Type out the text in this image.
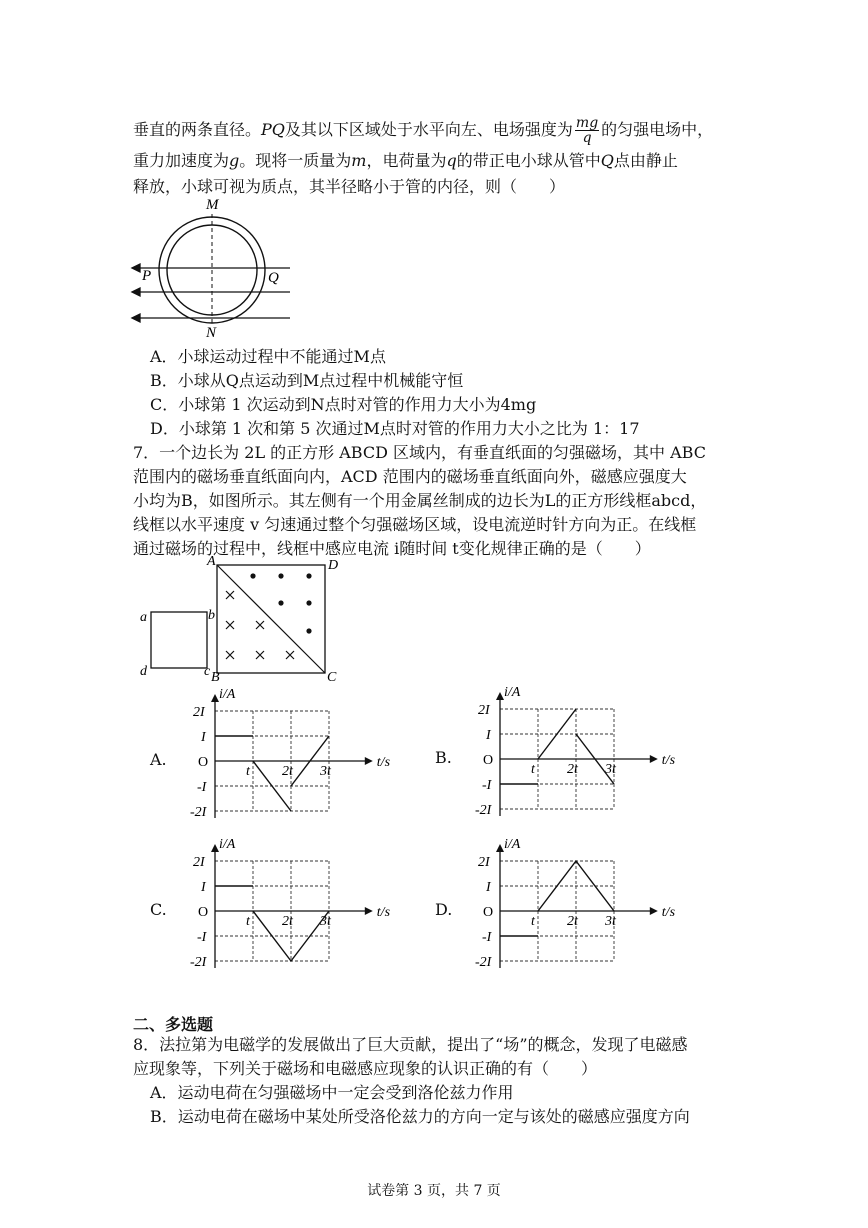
垂直的两条直径。PQ及其以下区域处于水平向左、电场强度为 $\frac{mg}{q}$ 的匀强电场中，
重力加速度为g。现将一质量为m，电荷量为q的带正电小球从管中Q点由静止
释放，小球可视为质点，其半径略小于管的内径，则（　　）
M
P	Q
N
A．小球运动过程中不能通过M点
B．小球从Q点运动到M点过程中机械能守恒
C．小球第 1 次运动到N点时对管的作用力大小为4mg
D．小球第 1 次和第 5 次通过M点时对管的作用力大小之比为 1：17
7．一个边长为 2L 的正方形 ABCD 区域内，有垂直纸面的匀强磁场，其中 ABC
范围内的磁场垂直纸面向内，ACD 范围内的磁场垂直纸面向外，磁感应强度大
小均为B，如图所示。其左侧有一个用金属丝制成的边长为L的正方形线框abcd，
线框以水平速度 v 匀速通过整个匀强磁场区域，设电流逆时针方向为正。在线框
通过磁场的过程中，线框中感应电流 i随时间 t变化规律正确的是（　　）
A	D
B	C
a	b
d	c
A.
i/A
t/s
O
2I
I
-I
-2I
t 2t 3t
B.
i/A
t/s
O
2I
I
-I
-2I
t 2t 3t
C.
i/A
t/s
O
2I
I
-I
-2I
t 2t 3t
D.
i/A
t/s
O
2I
I
-I
-2I
t 2t 3t
二、多选题
8．法拉第为电磁学的发展做出了巨大贡献，提出了“场”的概念，发现了电磁感
应现象等，下列关于磁场和电磁感应现象的认识正确的有（　　）
A．运动电荷在匀强磁场中一定会受到洛伦兹力作用
B．运动电荷在磁场中某处所受洛伦兹力的方向一定与该处的磁感应强度方向
试卷第 3 页，共 7 页
